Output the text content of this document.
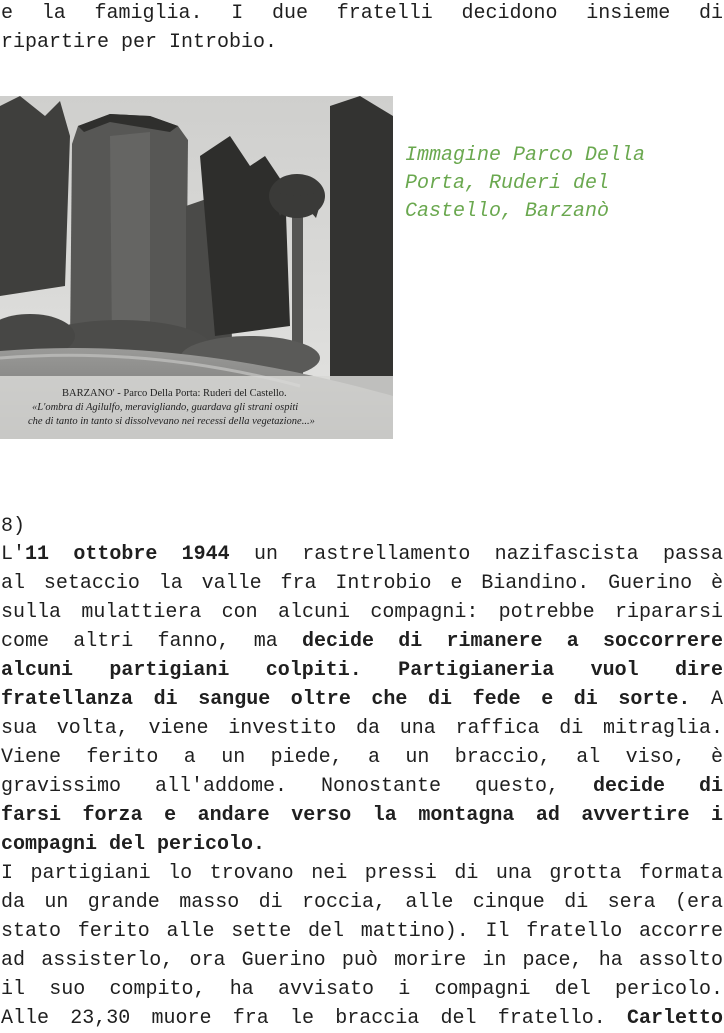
e la famiglia. I due fratelli decidono insieme di
ripartire per Introbio.
BARZANO' - Parco Della Porta: Ruderi del Castello.
«L'ombra di Agilulfo, meravigliando, guardava gli strani ospiti
che di tanto in tanto si dissolvevano nei recessi della vegetazione...»
Immagine Parco Della
Porta, Ruderi del
Castello, Barzanò
8)
L'11 ottobre 1944 un rastrellamento nazifascista passa
al setaccio la valle fra Introbio e Biandino. Guerino è
sulla mulattiera con alcuni compagni: potrebbe ripararsi
come altri fanno, ma decide di rimanere a soccorrere
alcuni partigiani colpiti. Partigianeria vuol dire
fratellanza di sangue oltre che di fede e di sorte. A
sua volta, viene investito da una raffica di mitraglia.
Viene ferito a un piede, a un braccio, al viso, è
gravissimo all'addome. Nonostante questo, decide di
farsi forza e andare verso la montagna ad avvertire i
compagni del pericolo.
I partigiani lo trovano nei pressi di una grotta formata
da un grande masso di roccia, alle cinque di sera (era
stato ferito alle sette del mattino). Il fratello accorre
ad assisterlo, ora Guerino può morire in pace, ha assolto
il suo compito, ha avvisato i compagni del pericolo.
Alle 23,30 muore fra le braccia del fratello. Carletto
